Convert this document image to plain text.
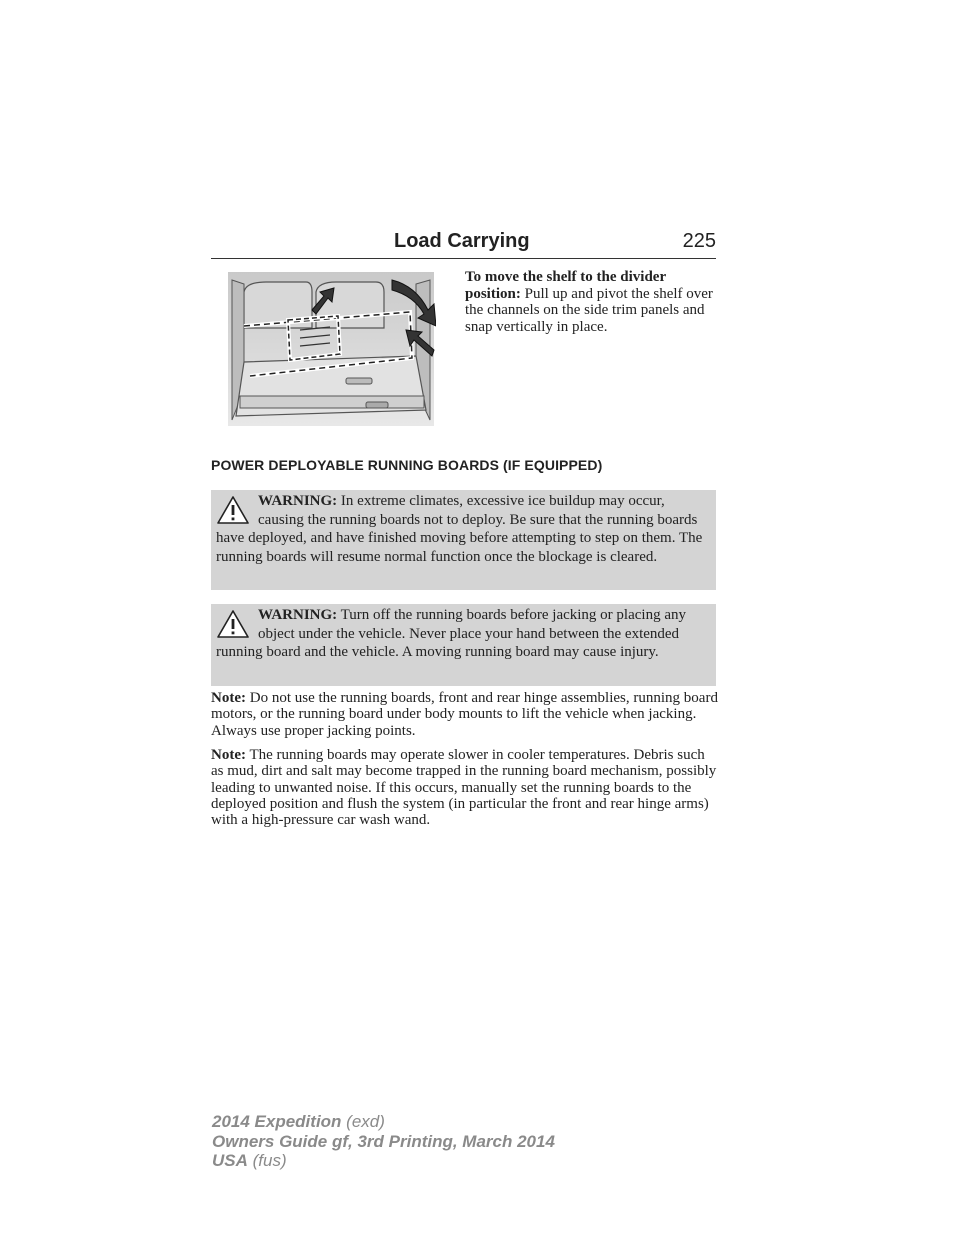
Load Carrying	225
To move the shelf to the divider position: Pull up and pivot the shelf over the channels on the side trim panels and snap vertically in place.
POWER DEPLOYABLE RUNNING BOARDS (IF EQUIPPED)
WARNING: In extreme climates, excessive ice buildup may occur, causing the running boards not to deploy. Be sure that the running boards have deployed, and have finished moving before attempting to step on them. The running boards will resume normal function once the blockage is cleared.
WARNING: Turn off the running boards before jacking or placing any object under the vehicle. Never place your hand between the extended running board and the vehicle. A moving running board may cause injury.
Note: Do not use the running boards, front and rear hinge assemblies, running board motors, or the running board under body mounts to lift the vehicle when jacking. Always use proper jacking points.
Note: The running boards may operate slower in cooler temperatures. Debris such as mud, dirt and salt may become trapped in the running board mechanism, possibly leading to unwanted noise. If this occurs, manually set the running boards to the deployed position and flush the system (in particular the front and rear hinge arms) with a high-pressure car wash wand.
2014 Expedition (exd)
Owners Guide gf, 3rd Printing, March 2014
USA (fus)
